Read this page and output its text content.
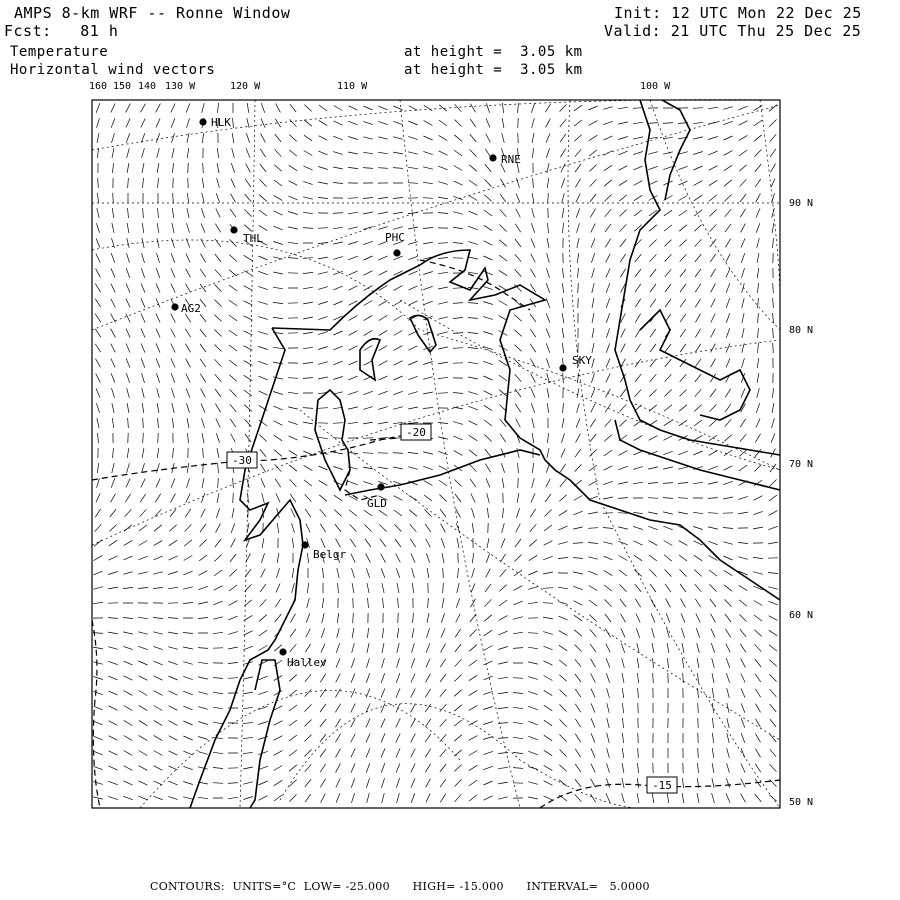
AMPS 8-km WRF -- Ronne Window
Fcst:   81 h
Temperature
Horizontal wind vectors
Init: 12 UTC Mon 22 Dec 25
Valid: 21 UTC Thu 25 Dec 25
at height =  3.05 km
at height =  3.05 km
HLK
RNE
THL	PHC
AG2
SKY
GLD
Belgr
Hallev
-20
-30
-15
160 150 140 130 W	120 W	110 W	100 W
90 N
80 N
70 N
60 N
50 N
CONTOURS:  UNITS=°C  LOW= -25.000      HIGH= -15.000      INTERVAL=   5.0000
